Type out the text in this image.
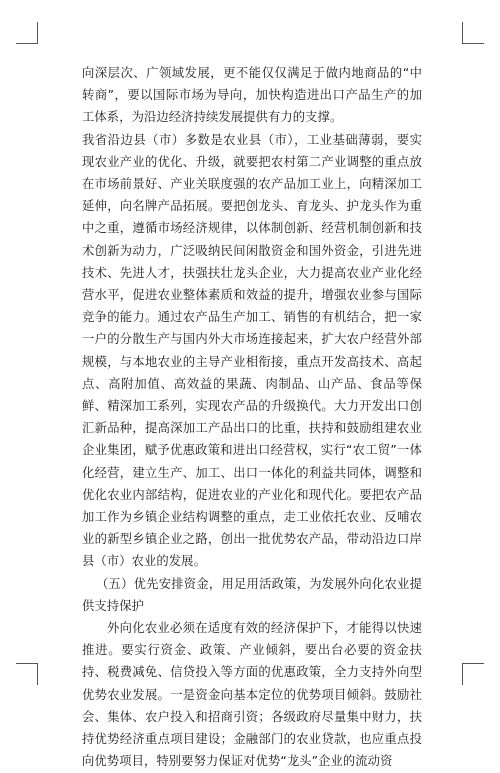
向深层次、广领域发展，更不能仅仅满足于做内地商品的“中转商”，要以国际市场为导向，加快构造进出口产品生产的加工体系，为沿边经济持续发展提供有力的支撑。

我省沿边县（市）多数是农业县（市），工业基础薄弱，要实现农业产业的优化、升级，就要把农村第二产业调整的重点放在市场前景好、产业关联度强的农产品加工业上，向精深加工延伸，向名牌产品拓展。要把创龙头、育龙头、护龙头作为重中之重，遵循市场经济规律，以体制创新、经营机制创新和技术创新为动力，广泛吸纳民间闲散资金和国外资金，引进先进技术、先进人才，扶强扶壮龙头企业，大力提高农业产业化经营水平，促进农业整体素质和效益的提升，增强农业参与国际竞争的能力。通过农产品生产加工、销售的有机结合，把一家一户的分散生产与国内外大市场连接起来，扩大农户经营外部规模，与本地农业的主导产业相衔接，重点开发高技术、高起点、高附加值、高效益的果蔬、肉制品、山产品、食品等保鲜、精深加工系列，实现农产品的升级换代。大力开发出口创汇新品种，提高深加工产品出口的比重，扶持和鼓励组建农业企业集团，赋予优惠政策和进出口经营权，实行“农工贸”一体化经营，建立生产、加工、出口一体化的利益共同体，调整和优化农业内部结构，促进农业的产业化和现代化。要把农产品加工作为乡镇企业结构调整的重点，走工业依托农业、反哺农业的新型乡镇企业之路，创出一批优势农产品，带动沿边口岸县（市）农业的发展。

（五）优先安排资金，用足用活政策，为发展外向化农业提供支持保护

外向化农业必须在适度有效的经济保护下，才能得以快速推进。要实行资金、政策、产业倾斜，要出台必要的资金扶持、税费减免、信贷投入等方面的优惠政策，全力支持外向型优势农业发展。一是资金向基本定位的优势项目倾斜。鼓励社会、集体、农户投入和招商引资；各级政府尽量集中财力，扶持优势经济重点项目建设；金融部门的农业贷款，也应重点投向优势项目，特别要努力保证对优势“龙头”企业的流动资
